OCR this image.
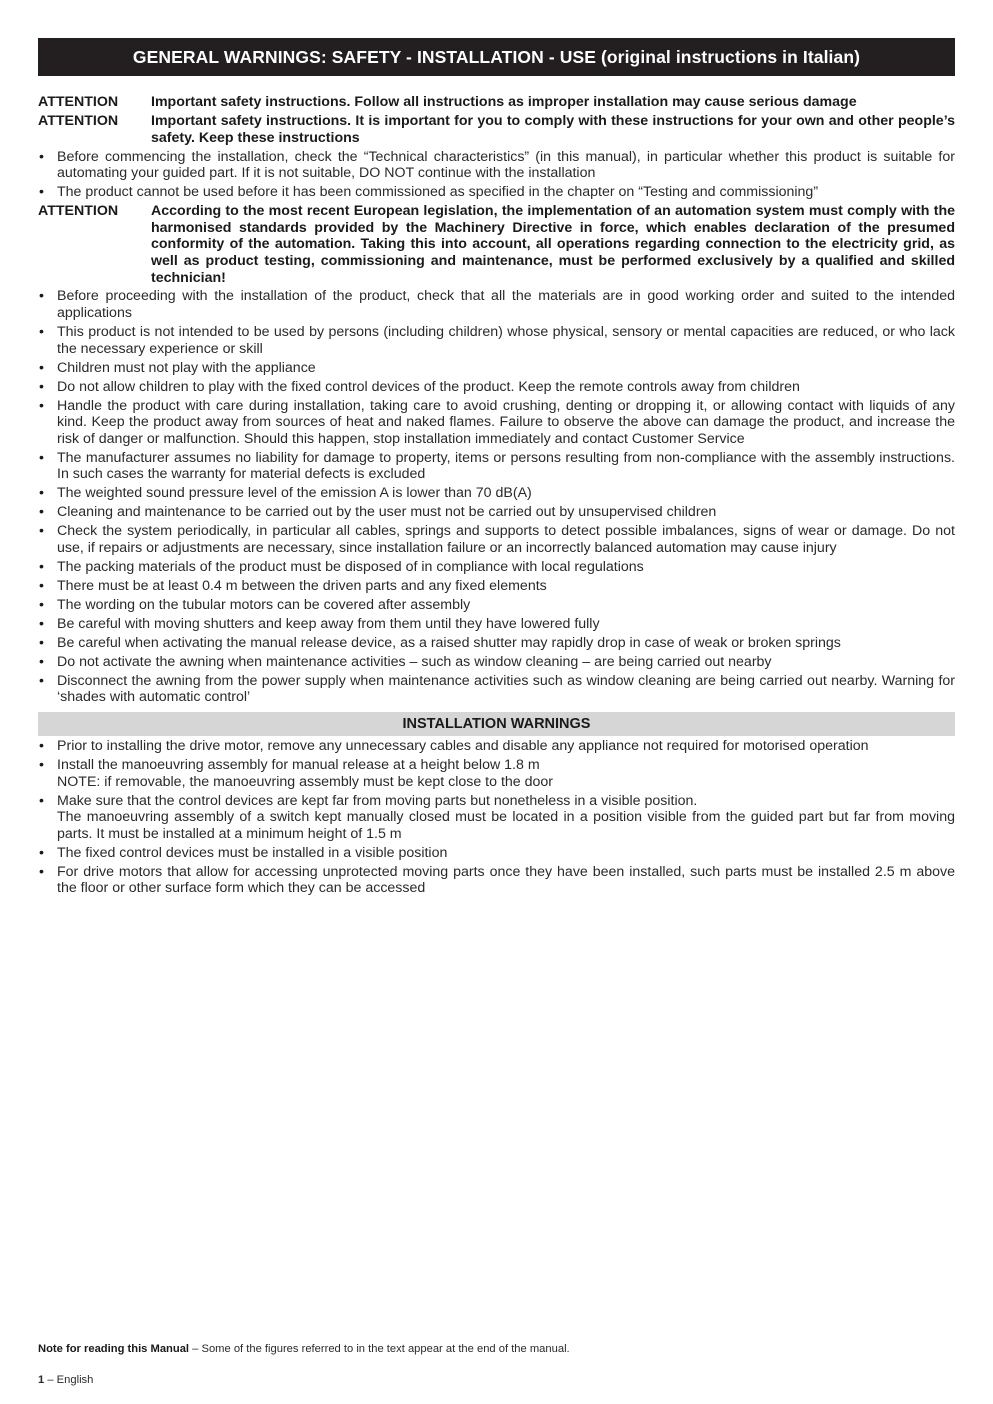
GENERAL WARNINGS: SAFETY - INSTALLATION - USE (original instructions in Italian)
ATTENTION	Important safety instructions. Follow all instructions as improper installation may cause serious damage
ATTENTION	Important safety instructions. It is important for you to comply with these instructions for your own and other people’s safety. Keep these instructions
• Before commencing the installation, check the “Technical characteristics” (in this manual), in particular whether this product is suitable for automating your guided part. If it is not suitable, DO NOT continue with the installation
• The product cannot be used before it has been commissioned as specified in the chapter on “Testing and commissioning”
ATTENTION	According to the most recent European legislation, the implementation of an automation system must comply with the harmonised standards provided by the Machinery Directive in force, which enables declaration of the presumed conformity of the automation. Taking this into account, all operations regarding connection to the electricity grid, as well as product testing, commissioning and maintenance, must be performed exclusively by a qualified and skilled technician!
• Before proceeding with the installation of the product, check that all the materials are in good working order and suited to the intended applications
• This product is not intended to be used by persons (including children) whose physical, sensory or mental capacities are reduced, or who lack the necessary experience or skill
• Children must not play with the appliance
• Do not allow children to play with the fixed control devices of the product. Keep the remote controls away from children
• Handle the product with care during installation, taking care to avoid crushing, denting or dropping it, or allowing contact with liquids of any kind. Keep the product away from sources of heat and naked flames. Failure to observe the above can damage the product, and increase the risk of danger or malfunction. Should this happen, stop installation immediately and contact Customer Service
• The manufacturer assumes no liability for damage to property, items or persons resulting from non-compliance with the assembly instructions. In such cases the warranty for material defects is excluded
• The weighted sound pressure level of the emission A is lower than 70 dB(A)
• Cleaning and maintenance to be carried out by the user must not be carried out by unsupervised children
• Check the system periodically, in particular all cables, springs and supports to detect possible imbalances, signs of wear or damage. Do not use, if repairs or adjustments are necessary, since installation failure or an incorrectly balanced automation may cause injury
• The packing materials of the product must be disposed of in compliance with local regulations
• There must be at least 0.4 m between the driven parts and any fixed elements
• The wording on the tubular motors can be covered after assembly
• Be careful with moving shutters and keep away from them until they have lowered fully
• Be careful when activating the manual release device, as a raised shutter may rapidly drop in case of weak or broken springs
• Do not activate the awning when maintenance activities – such as window cleaning – are being carried out nearby
• Disconnect the awning from the power supply when maintenance activities such as window cleaning are being carried out nearby. Warning for ‘shades with automatic control’
INSTALLATION WARNINGS
• Prior to installing the drive motor, remove any unnecessary cables and disable any appliance not required for motorised operation
• Install the manoeuvring assembly for manual release at a height below 1.8 m
NOTE: if removable, the manoeuvring assembly must be kept close to the door
• Make sure that the control devices are kept far from moving parts but nonetheless in a visible position.
The manoeuvring assembly of a switch kept manually closed must be located in a position visible from the guided part but far from moving parts. It must be installed at a minimum height of 1.5 m
• The fixed control devices must be installed in a visible position
• For drive motors that allow for accessing unprotected moving parts once they have been installed, such parts must be installed 2.5 m above the floor or other surface form which they can be accessed
Note for reading this Manual – Some of the figures referred to in the text appear at the end of the manual.
1 – English
